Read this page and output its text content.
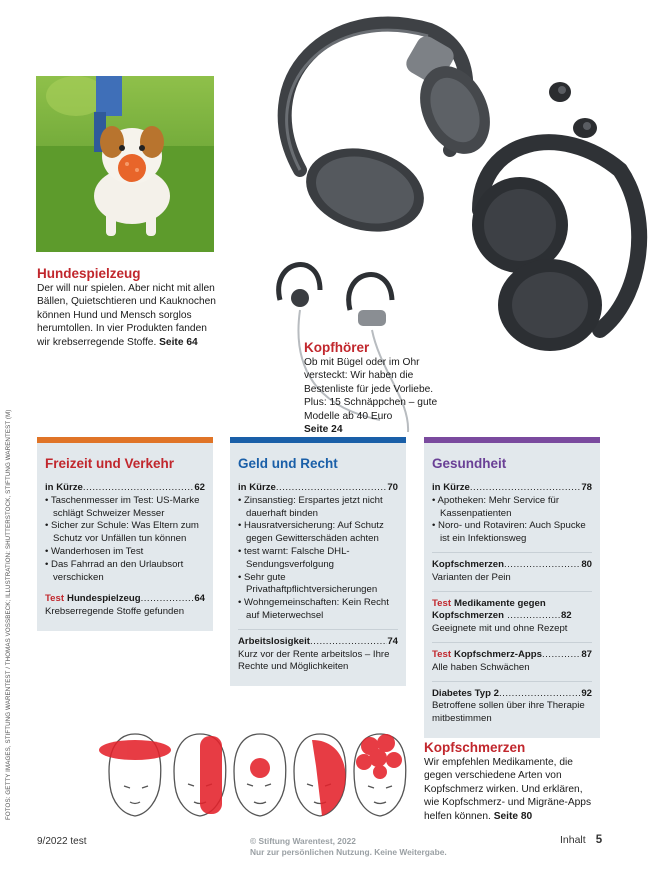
Hundespielzeug
Der will nur spielen. Aber nicht mit allen Bällen, Quietschtieren und Kauknochen können Hund und Mensch sorglos herumtollen. In vier Produkten fanden wir krebserregende Stoffe. Seite 64	Kopfhörer
Ob mit Bügel oder im Ohr versteckt: Wir haben die Bestenliste für jede Vorliebe. Plus: 15 Schnäppchen – gute Modelle ab 40 Euro
Seite 24
Freizeit und Verkehr
in Kürze .....	62
• Taschenmesser im Test: US-Marke schlägt Schweizer Messer
• Sicher zur Schule: Was Eltern zum Schutz vor Unfällen tun können
• Wanderhosen im Test
• Das Fahrrad an den Urlaubsort verschicken
Test Hundespielzeug .....	64
Krebserregende Stoffe gefunden
Geld und Recht
in Kürze .....	70
• Zinsanstieg: Erspartes jetzt nicht dauerhaft binden
• Hausratversicherung: Auf Schutz gegen Gewitterschäden achten
• test warnt: Falsche DHL-Sendungsverfolgung
• Sehr gute Privathaftpflichtversicherungen
• Wohngemeinschaften: Kein Recht auf Mieterwechsel
Arbeitslosigkeit .....	74
Kurz vor der Rente arbeitslos – Ihre Rechte und Möglichkeiten
Gesundheit
in Kürze .....	78
• Apotheken: Mehr Service für Kassenpatienten
• Noro- und Rotaviren: Auch Spucke ist ein Infektionsweg
Kopfschmerzen .....	80
Varianten der Pein
Test Medikamente gegen Kopfschmerzen .................82
Geeignete mit und ohne Rezept
Test Kopfschmerz-Apps .....	87
Alle haben Schwächen
Diabetes Typ 2 .....	92
Betroffene sollen über ihre Therapie mitbestimmen
Kopfschmerzen
Wir empfehlen Medikamente, die gegen verschiedene Arten von Kopfschmerz wirken. Und erklären, wie Kopfschmerz- und Migräne-Apps helfen können. Seite 80
FOTOS: GETTY IMAGES, STIFTUNG WARENTEST / THOMAS VOSSBECK; ILLUSTRATION: SHUTTERSTOCK, STIFTUNG WARENTEST (M)
9/2022 test	© Stiftung Warentest, 2022
Nur zur persönlichen Nutzung. Keine Weitergabe.
Inhalt 5
